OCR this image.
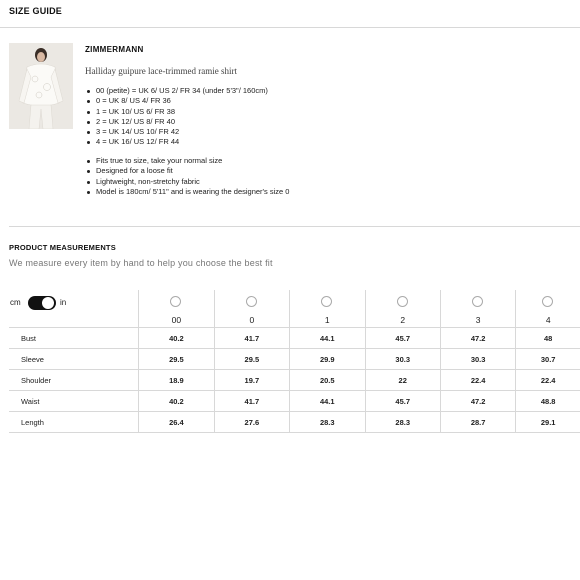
SIZE GUIDE
ZIMMERMANN
Halliday guipure lace-trimmed ramie shirt
00 (petite) = UK 6/ US 2/ FR 34 (under 5'3"/ 160cm)
0 = UK 8/ US 4/ FR 36
1 = UK 10/ US 6/ FR 38
2 = UK 12/ US 8/ FR 40
3 = UK 14/ US 10/ FR 42
4 = UK 16/ US 12/ FR 44
Fits true to size, take your normal size
Designed for a loose fit
Lightweight, non-stretchy fabric
Model is 180cm/ 5'11" and is wearing the designer's size 0
PRODUCT MEASUREMENTS
We measure every item by hand to help you choose the best fit

	00	0	1	2	3	4

Bust	40.2	41.7	44.1	45.7	47.2	48
Sleeve	29.5	29.5	29.9	30.3	30.3	30.7
Shoulder	18.9	19.7	20.5	22	22.4	22.4
Waist	40.2	41.7	44.1	45.7	47.2	48.8
Length	26.4	27.6	28.3	28.3	28.7	29.1
cm	in
